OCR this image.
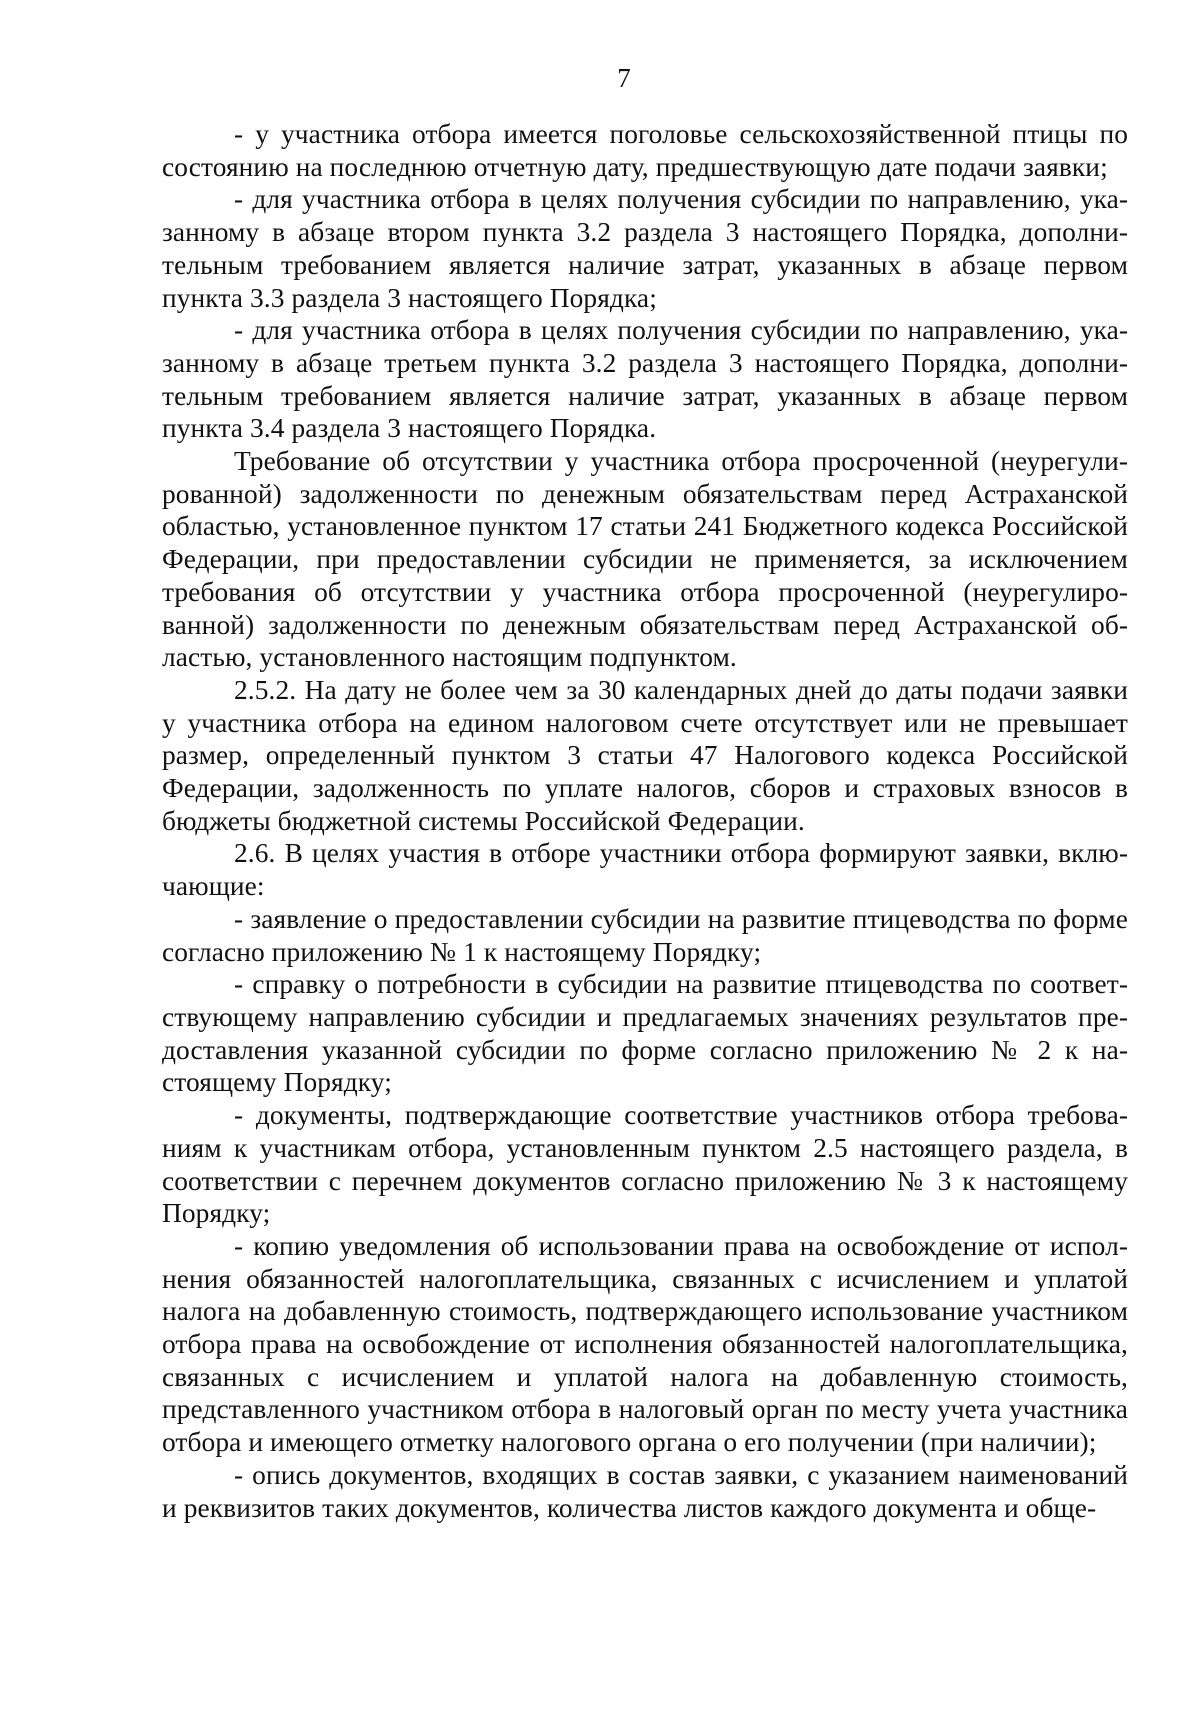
7

- у участника отбора имеется поголовье сельскохозяйственной птицы по состоянию на последнюю отчетную дату, предшествующую дате подачи заявки;

- для участника отбора в целях получения субсидии по направлению, указанному в абзаце втором пункта 3.2 раздела 3 настоящего Порядка, дополнительным требованием является наличие затрат, указанных в абзаце первом пункта 3.3 раздела 3 настоящего Порядка;

- для участника отбора в целях получения субсидии по направлению, указанному в абзаце третьем пункта 3.2 раздела 3 настоящего Порядка, дополнительным требованием является наличие затрат, указанных в абзаце первом пункта 3.4 раздела 3 настоящего Порядка.

Требование об отсутствии у участника отбора просроченной (неурегулированной) задолженности по денежным обязательствам перед Астраханской областью, установленное пунктом 17 статьи 241 Бюджетного кодекса Российской Федерации, при предоставлении субсидии не применяется, за исключением требования об отсутствии у участника отбора просроченной (неурегулированной) задолженности по денежным обязательствам перед Астраханской областью, установленного настоящим подпунктом.

2.5.2. На дату не более чем за 30 календарных дней до даты подачи заявки у участника отбора на едином налоговом счете отсутствует или не превышает размер, определенный пунктом 3 статьи 47 Налогового кодекса Российской Федерации, задолженность по уплате налогов, сборов и страховых взносов в бюджеты бюджетной системы Российской Федерации.

2.6. В целях участия в отборе участники отбора формируют заявки, включающие:

- заявление о предоставлении субсидии на развитие птицеводства по форме согласно приложению № 1 к настоящему Порядку;

- справку о потребности в субсидии на развитие птицеводства по соответствующему направлению субсидии и предлагаемых значениях результатов предоставления указанной субсидии по форме согласно приложению № 2 к настоящему Порядку;

- документы, подтверждающие соответствие участников отбора требованиям к участникам отбора, установленным пунктом 2.5 настоящего раздела, в соответствии с перечнем документов согласно приложению № 3 к настоящему Порядку;

- копию уведомления об использовании права на освобождение от исполнения обязанностей налогоплательщика, связанных с исчислением и уплатой налога на добавленную стоимость, подтверждающего использование участником отбора права на освобождение от исполнения обязанностей налогоплательщика, связанных с исчислением и уплатой налога на добавленную стоимость, представленного участником отбора в налоговый орган по месту учета участника отбора и имеющего отметку налогового органа о его получении (при наличии);

- опись документов, входящих в состав заявки, с указанием наименований и реквизитов таких документов, количества листов каждого документа и обще-
